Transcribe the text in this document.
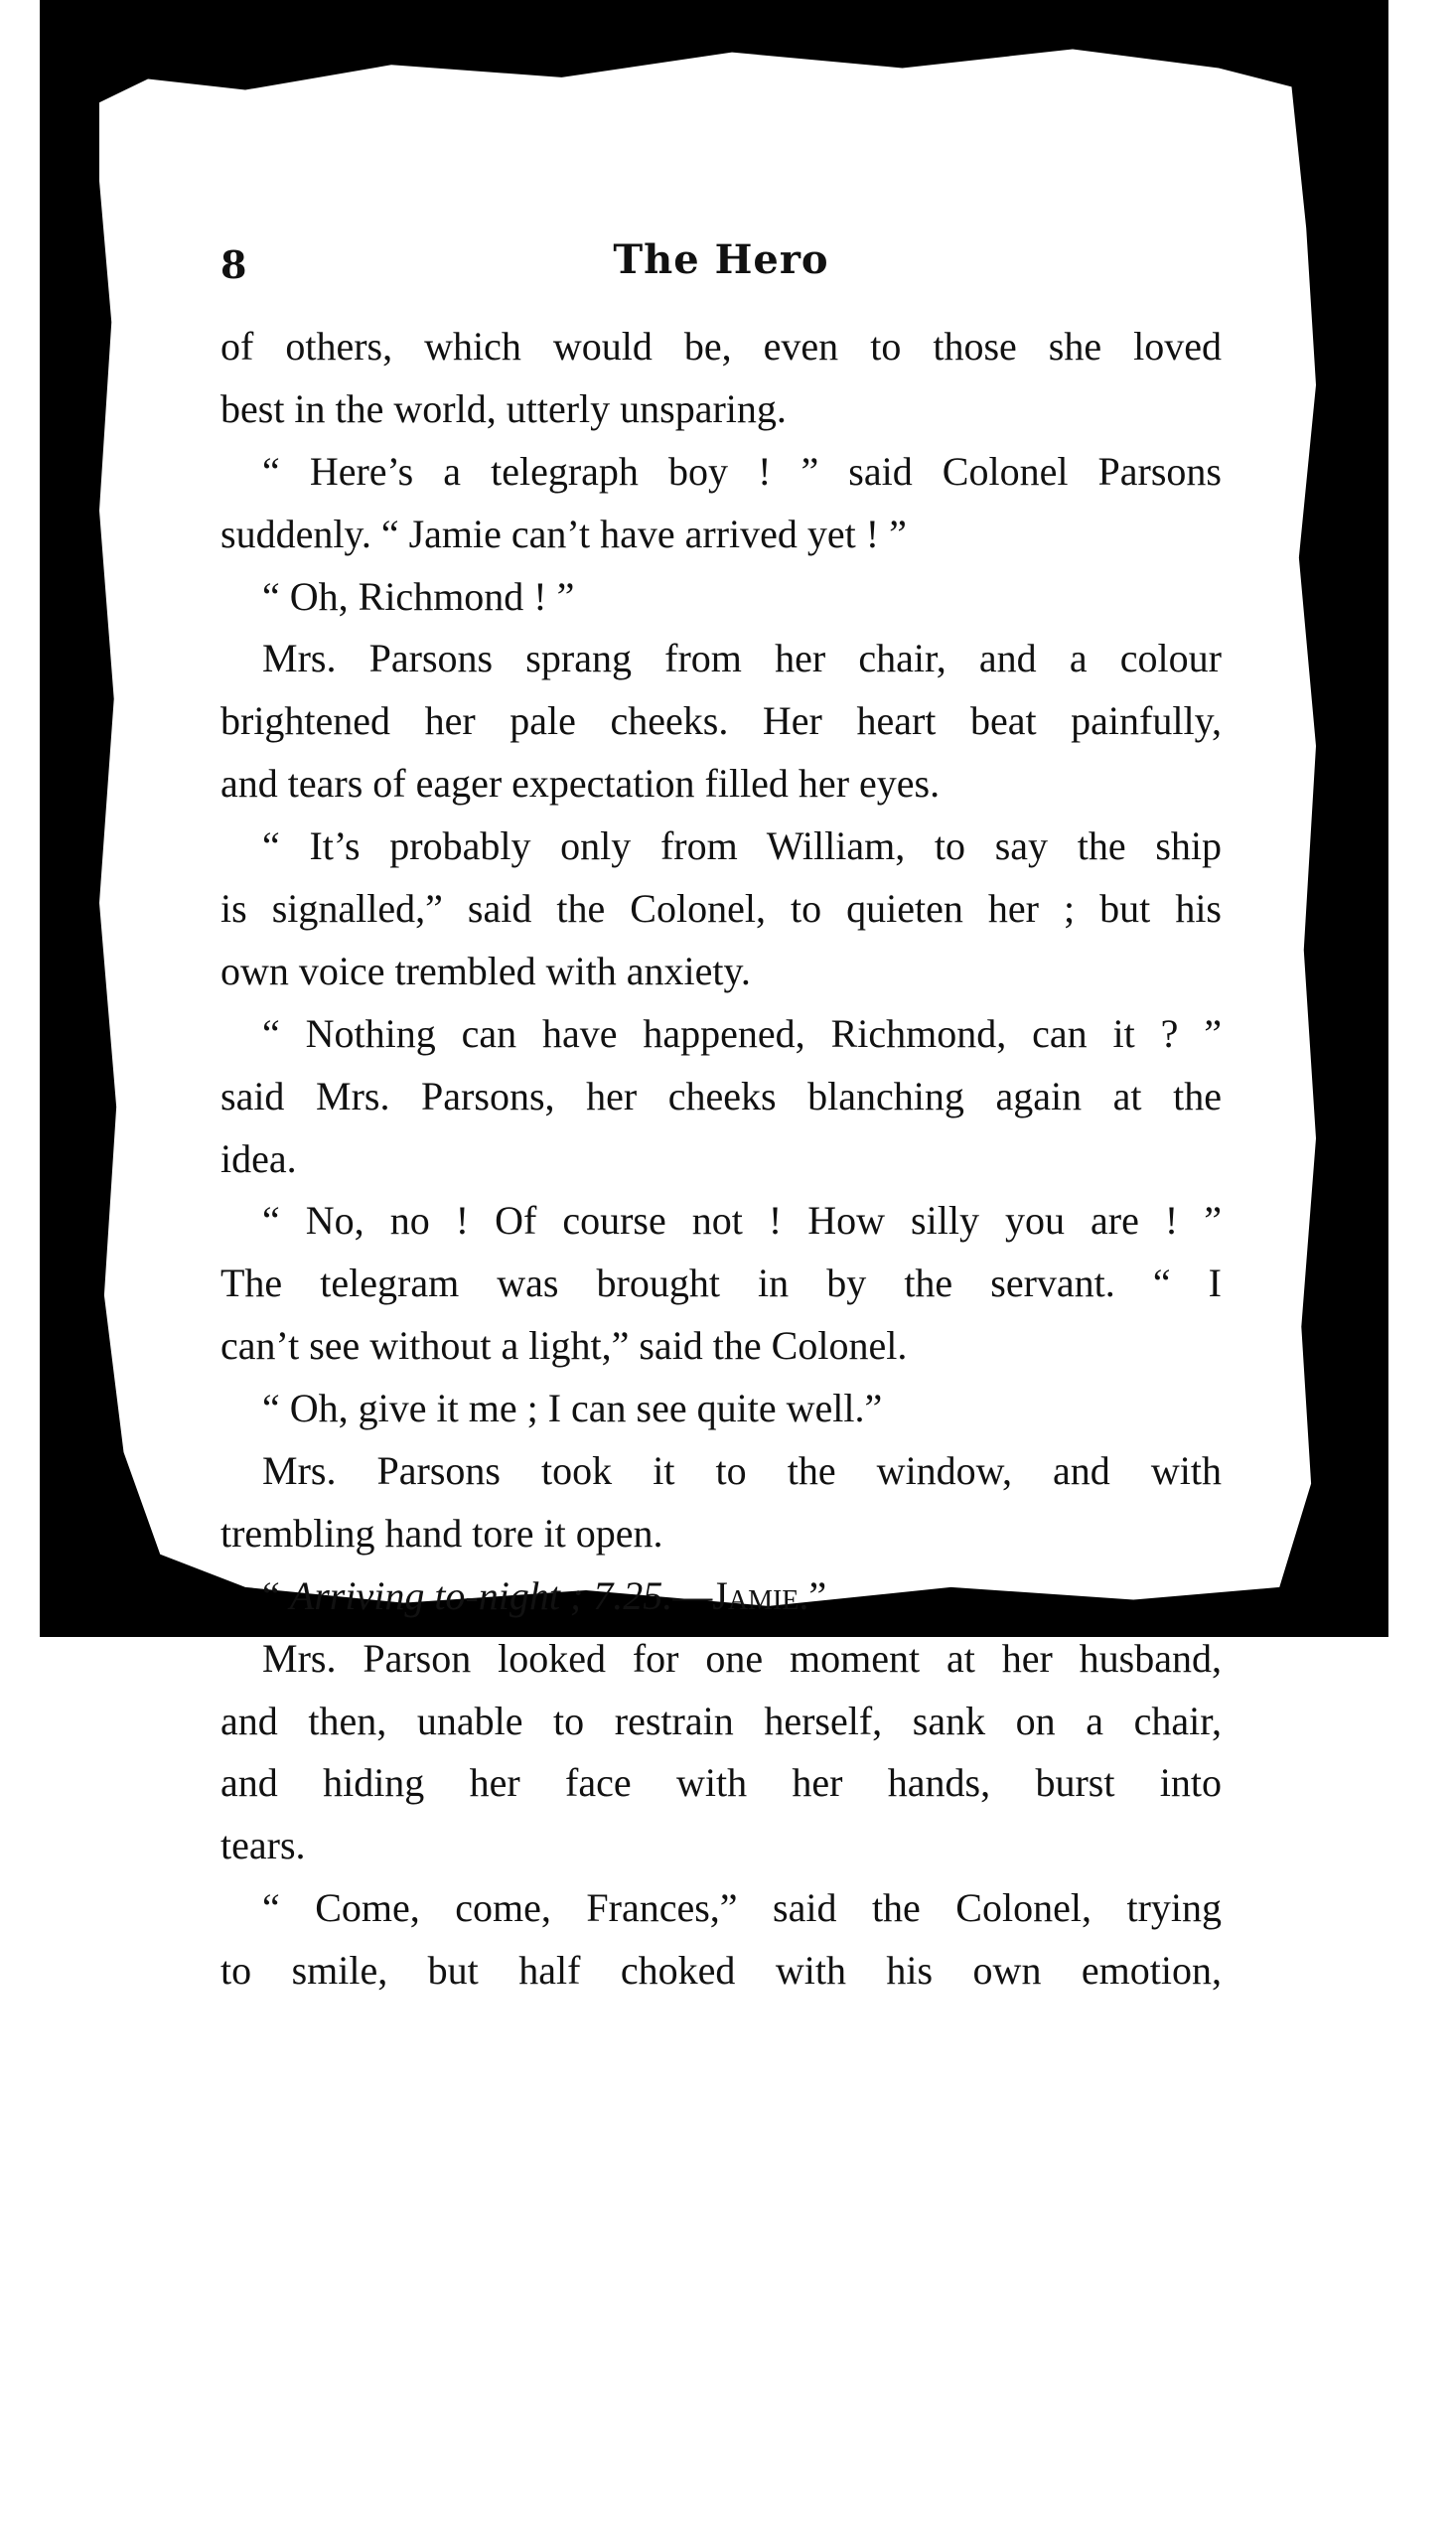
8	The Hero
of others, which would be, even to those she loved
best in the world, utterly unsparing.
“ Here’s a telegraph boy ! ” said Colonel Parsons
suddenly. “ Jamie can’t have arrived yet ! ”
“ Oh, Richmond ! ”
Mrs. Parsons sprang from her chair, and a colour
brightened her pale cheeks. Her heart beat painfully,
and tears of eager expectation filled her eyes.
“ It’s probably only from William, to say the ship
is signalled,” said the Colonel, to quieten her ; but his
own voice trembled with anxiety.
“ Nothing can have happened, Richmond, can it ? ”
said Mrs. Parsons, her cheeks blanching again at the
idea.
“ No, no ! Of course not ! How silly you are ! ”
The telegram was brought in by the servant. “ I
can’t see without a light,” said the Colonel.
“ Oh, give it me ; I can see quite well.”
Mrs. Parsons took it to the window, and with
trembling hand tore it open.
“ Arriving to-night ; 7.25.—Jamie.”
Mrs. Parson looked for one moment at her husband,
and then, unable to restrain herself, sank on a chair,
and hiding her face with her hands, burst into
tears.
“ Come, come, Frances,” said the Colonel, trying
to smile, but half choked with his own emotion,
